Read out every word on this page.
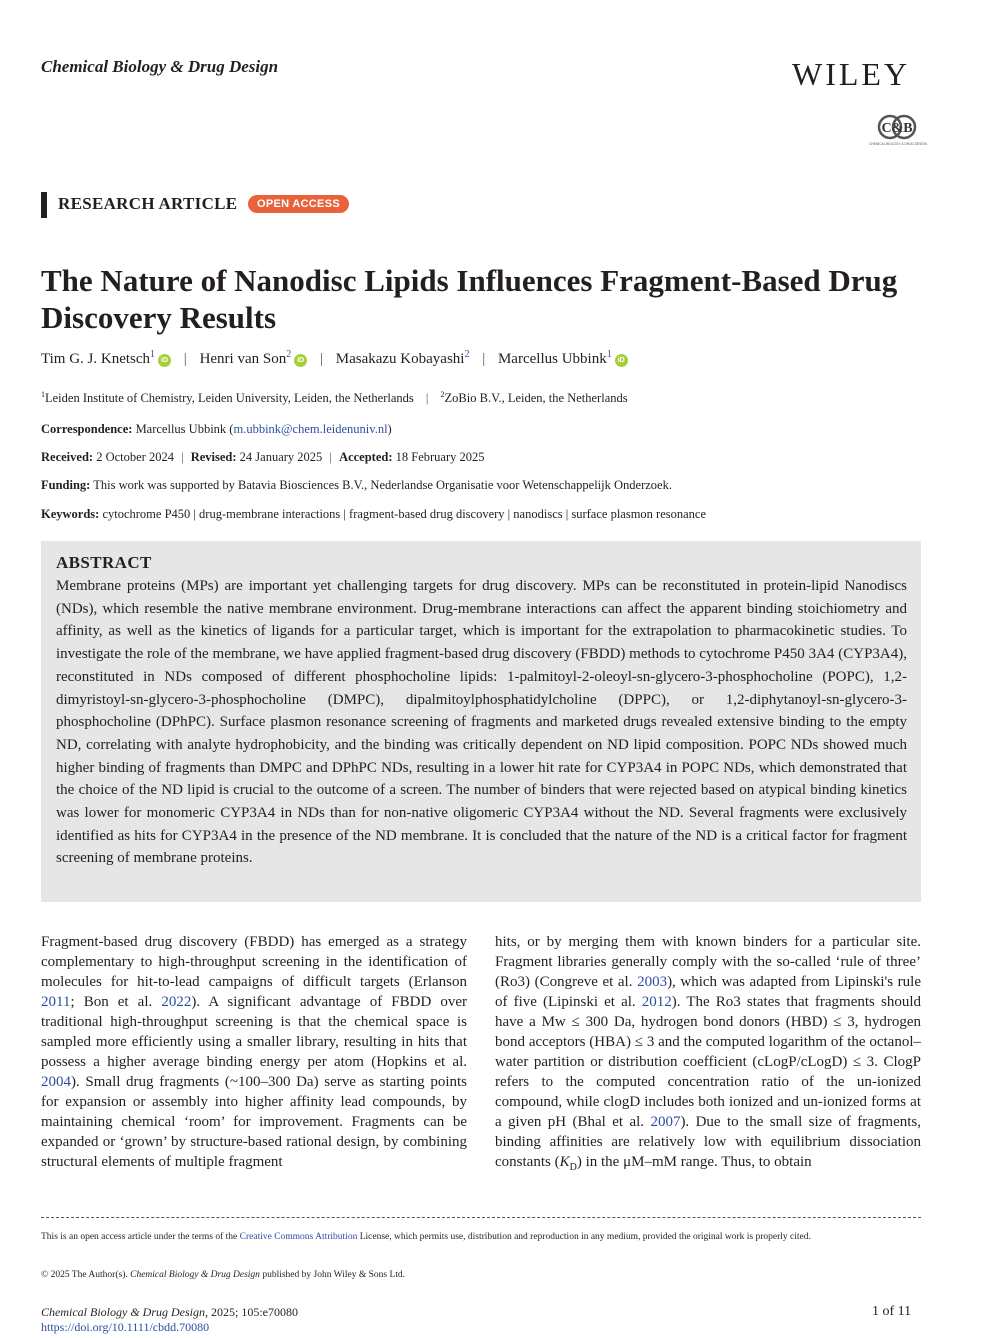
Chemical Biology & Drug Design	WILEY
C&B
CHEMICAL BIOLOGY & DRUG DESIGN
RESEARCH ARTICLE	OPEN ACCESS
The Nature of Nanodisc Lipids Influences Fragment-Based Drug Discovery Results
Tim G. J. Knetsch$^1$iD | Henri van Son$^2$iD | Masakazu Kobayashi$^2$ | Marcellus Ubbink$^1$iD
$^1$Leiden Institute of Chemistry, Leiden University, Leiden, the Netherlands | $^2$ZoBio B.V., Leiden, the Netherlands
Correspondence: Marcellus Ubbink (m.ubbink@chem.leidenuniv.nl)
Received: 2 October 2024 | Revised: 24 January 2025 | Accepted: 18 February 2025
Funding: This work was supported by Batavia Biosciences B.V., Nederlandse Organisatie voor Wetenschappelijk Onderzoek.
Keywords: cytochrome P450 | drug-membrane interactions | fragment-based drug discovery | nanodiscs | surface plasmon resonance
ABSTRACT
Membrane proteins (MPs) are important yet challenging targets for drug discovery. MPs can be reconstituted in protein-lipid Nanodiscs (NDs), which resemble the native membrane environment. Drug-membrane interactions can affect the apparent binding stoichiometry and affinity, as well as the kinetics of ligands for a particular target, which is important for the extrapolation to pharmacokinetic studies. To investigate the role of the membrane, we have applied fragment-based drug discovery (FBDD) methods to cytochrome P450 3A4 (CYP3A4), reconstituted in NDs composed of different phosphocholine lipids: 1-palmitoyl-2-oleoyl-sn-glycero-3-phosphocholine (POPC), 1,2-dimyristoyl-sn-glycero-3-phosphocholine (DMPC), dipalmitoylphosphatidylcholine (DPPC), or 1,2-diphytanoyl-sn-glycero-3-phosphocholine (DPhPC). Surface plasmon resonance screening of fragments and marketed drugs revealed extensive binding to the empty ND, correlating with analyte hydrophobicity, and the binding was critically dependent on ND lipid composition. POPC NDs showed much higher binding of fragments than DMPC and DPhPC NDs, resulting in a lower hit rate for CYP3A4 in POPC NDs, which demonstrated that the choice of the ND lipid is crucial to the outcome of a screen. The number of binders that were rejected based on atypical binding kinetics was lower for monomeric CYP3A4 in NDs than for non-native oligomeric CYP3A4 without the ND. Several fragments were exclusively identified as hits for CYP3A4 in the presence of the ND membrane. It is concluded that the nature of the ND is a critical factor for fragment screening of membrane proteins.
Fragment-based drug discovery (FBDD) has emerged as a strategy complementary to high-throughput screening in the identification of molecules for hit-to-lead campaigns of difficult targets (Erlanson 2011; Bon et al. 2022). A significant advantage of FBDD over traditional high-throughput screening is that the chemical space is sampled more efficiently using a smaller library, resulting in hits that possess a higher average binding energy per atom (Hopkins et al. 2004). Small drug fragments (~100–300 Da) serve as starting points for expansion or assembly into higher affinity lead compounds, by maintaining chemical ‘room’ for improvement. Fragments can be expanded or ‘grown’ by structure-based rational design, by combining structural elements of multiple fragment
hits, or by merging them with known binders for a particular site. Fragment libraries generally comply with the so-called ‘rule of three’ (Ro3) (Congreve et al. 2003), which was adapted from Lipinski's rule of five (Lipinski et al. 2012). The Ro3 states that fragments should have a Mw ≤ 300 Da, hydrogen bond donors (HBD) ≤ 3, hydrogen bond acceptors (HBA) ≤ 3 and the computed logarithm of the octanol–water partition or distribution coefficient (cLogP/cLogD) ≤ 3. ClogP refers to the computed concentration ratio of the un-ionized compound, while clogD includes both ionized and un-ionized forms at a given pH (Bhal et al. 2007). Due to the small size of fragments, binding affinities are relatively low with equilibrium dissociation constants $(K_D)$ in the μM–mM range. Thus, to obtain
This is an open access article under the terms of the Creative Commons Attribution License, which permits use, distribution and reproduction in any medium, provided the original work is properly cited.
© 2025 The Author(s). Chemical Biology & Drug Design published by John Wiley & Sons Ltd.
Chemical Biology & Drug Design, 2025; 105:e70080
https://doi.org/10.1111/cbdd.70080
1 of 11
